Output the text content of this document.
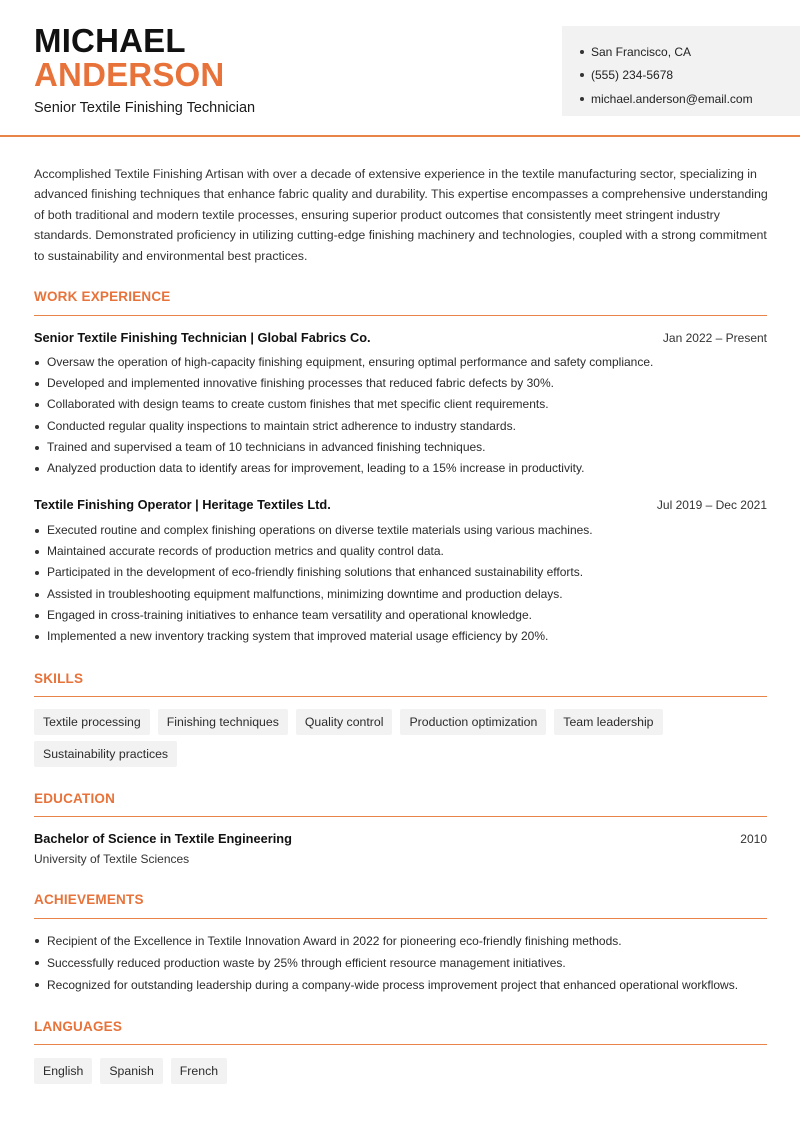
MICHAEL
ANDERSON
Senior Textile Finishing Technician
San Francisco, CA
(555) 234-5678
michael.anderson@email.com

Accomplished Textile Finishing Artisan with over a decade of extensive experience in the textile manufacturing sector, specializing in advanced finishing techniques that enhance fabric quality and durability. This expertise encompasses a comprehensive understanding of both traditional and modern textile processes, ensuring superior product outcomes that consistently meet stringent industry standards. Demonstrated proficiency in utilizing cutting-edge finishing machinery and technologies, coupled with a strong commitment to sustainability and environmental best practices.

WORK EXPERIENCE
Senior Textile Finishing Technician | Global Fabrics Co.	Jan 2022 – Present
Oversaw the operation of high-capacity finishing equipment, ensuring optimal performance and safety compliance.
Developed and implemented innovative finishing processes that reduced fabric defects by 30%.
Collaborated with design teams to create custom finishes that met specific client requirements.
Conducted regular quality inspections to maintain strict adherence to industry standards.
Trained and supervised a team of 10 technicians in advanced finishing techniques.
Analyzed production data to identify areas for improvement, leading to a 15% increase in productivity.
Textile Finishing Operator | Heritage Textiles Ltd.	Jul 2019 – Dec 2021
Executed routine and complex finishing operations on diverse textile materials using various machines.
Maintained accurate records of production metrics and quality control data.
Participated in the development of eco-friendly finishing solutions that enhanced sustainability efforts.
Assisted in troubleshooting equipment malfunctions, minimizing downtime and production delays.
Engaged in cross-training initiatives to enhance team versatility and operational knowledge.
Implemented a new inventory tracking system that improved material usage efficiency by 20%.
SKILLS
Textile processing	Finishing techniques	Quality control	Production optimization	Team leadership
Sustainability practices
EDUCATION
Bachelor of Science in Textile Engineering	2010
University of Textile Sciences
ACHIEVEMENTS
Recipient of the Excellence in Textile Innovation Award in 2022 for pioneering eco-friendly finishing methods.
Successfully reduced production waste by 25% through efficient resource management initiatives.
Recognized for outstanding leadership during a company-wide process improvement project that enhanced operational workflows.
LANGUAGES
English	Spanish	French
